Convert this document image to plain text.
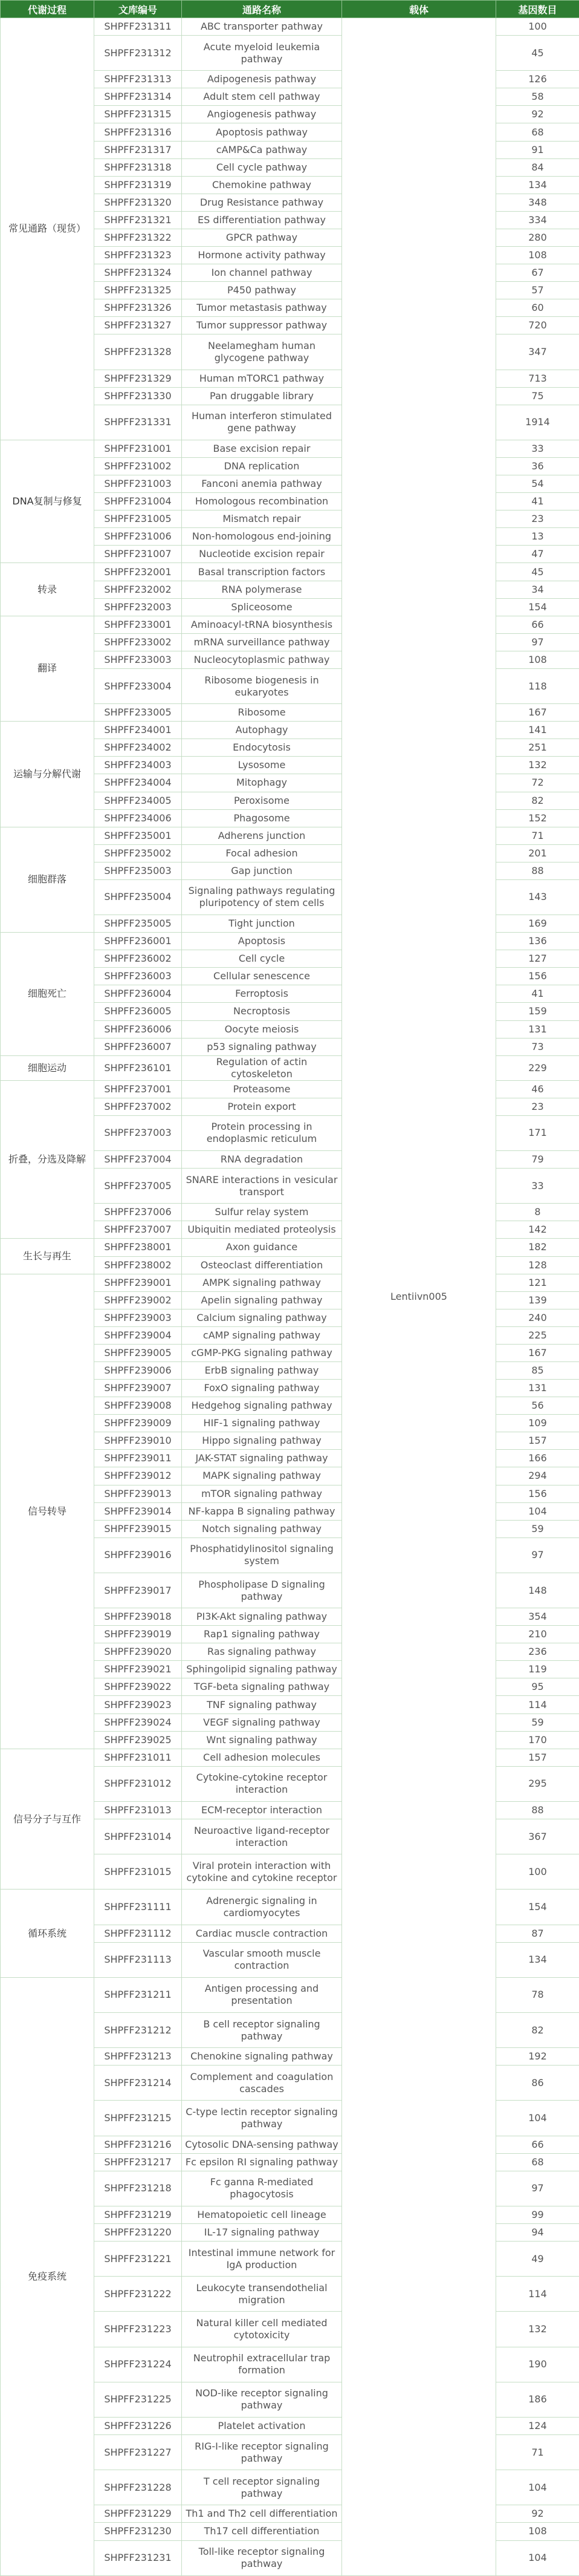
代谢过程	文库编号	通路名称	载体	基因数目
常见通路（现货）	SHPFF231311	ABC transporter pathway	Lentiivn005	100
	SHPFF231312	Acute myeloid leukemia pathway		45
	SHPFF231313	Adipogenesis pathway		126
	SHPFF231314	Adult stem cell pathway		58
	SHPFF231315	Angiogenesis pathway		92
	SHPFF231316	Apoptosis pathway		68
	SHPFF231317	cAMP&Ca pathway		91
	SHPFF231318	Cell cycle pathway		84
	SHPFF231319	Chemokine pathway		134
	SHPFF231320	Drug Resistance pathway		348
	SHPFF231321	ES differentiation pathway		334
	SHPFF231322	GPCR pathway		280
	SHPFF231323	Hormone activity pathway		108
	SHPFF231324	Ion channel pathway		67
	SHPFF231325	P450 pathway		57
	SHPFF231326	Tumor metastasis pathway		60
	SHPFF231327	Tumor suppressor pathway		720
	SHPFF231328	Neelamegham human glycogene pathway		347
	SHPFF231329	Human mTORC1 pathway		713
	SHPFF231330	Pan druggable library		75
	SHPFF231331	Human interferon stimulated gene pathway		1914
DNA复制与修复	SHPFF231001	Base excision repair		33
	SHPFF231002	DNA replication		36
	SHPFF231003	Fanconi anemia pathway		54
	SHPFF231004	Homologous recombination		41
	SHPFF231005	Mismatch repair		23
	SHPFF231006	Non-homologous end-joining		13
	SHPFF231007	Nucleotide excision repair		47
转录	SHPFF232001	Basal transcription factors		45
	SHPFF232002	RNA polymerase		34
	SHPFF232003	Spliceosome		154
翻译	SHPFF233001	Aminoacyl-tRNA biosynthesis		66
	SHPFF233002	mRNA surveillance pathway		97
	SHPFF233003	Nucleocytoplasmic pathway		108
	SHPFF233004	Ribosome biogenesis in eukaryotes		118
	SHPFF233005	Ribosome		167
运输与分解代谢	SHPFF234001	Autophagy		141
	SHPFF234002	Endocytosis		251
	SHPFF234003	Lysosome		132
	SHPFF234004	Mitophagy		72
	SHPFF234005	Peroxisome		82
	SHPFF234006	Phagosome		152
细胞群落	SHPFF235001	Adherens junction		71
	SHPFF235002	Focal adhesion		201
	SHPFF235003	Gap junction		88
	SHPFF235004	Signaling pathways regulating pluripotency of stem cells		143
	SHPFF235005	Tight junction		169
细胞死亡	SHPFF236001	Apoptosis		136
	SHPFF236002	Cell cycle		127
	SHPFF236003	Cellular senescence		156
	SHPFF236004	Ferroptosis		41
	SHPFF236005	Necroptosis		159
	SHPFF236006	Oocyte meiosis		131
	SHPFF236007	p53 signaling pathway		73
细胞运动	SHPFF236101	Regulation of actin cytoskeleton		229
折叠，分选及降解	SHPFF237001	Proteasome		46
	SHPFF237002	Protein export		23
	SHPFF237003	Protein processing in endoplasmic reticulum		171
	SHPFF237004	RNA degradation		79
	SHPFF237005	SNARE interactions in vesicular transport		33
	SHPFF237006	Sulfur relay system		8
	SHPFF237007	Ubiquitin mediated proteolysis		142
生长与再生	SHPFF238001	Axon guidance		182
	SHPFF238002	Osteoclast differentiation		128
信号转导	SHPFF239001	AMPK signaling pathway		121
	SHPFF239002	Apelin signaling pathway		139
	SHPFF239003	Calcium signaling pathway		240
	SHPFF239004	cAMP signaling pathway		225
	SHPFF239005	cGMP-PKG signaling pathway		167
	SHPFF239006	ErbB signaling pathway		85
	SHPFF239007	FoxO signaling pathway		131
	SHPFF239008	Hedgehog signaling pathway		56
	SHPFF239009	HIF-1 signaling pathway		109
	SHPFF239010	Hippo signaling pathway		157
	SHPFF239011	JAK-STAT signaling pathway		166
	SHPFF239012	MAPK signaling pathway		294
	SHPFF239013	mTOR signaling pathway		156
	SHPFF239014	NF-kappa B signaling pathway		104
	SHPFF239015	Notch signaling pathway		59
	SHPFF239016	Phosphatidylinositol signaling system		97
	SHPFF239017	Phospholipase D signaling pathway		148
	SHPFF239018	PI3K-Akt signaling pathway		354
	SHPFF239019	Rap1 signaling pathway		210
	SHPFF239020	Ras signaling pathway		236
	SHPFF239021	Sphingolipid signaling pathway		119
	SHPFF239022	TGF-beta signaling pathway		95
	SHPFF239023	TNF signaling pathway		114
	SHPFF239024	VEGF signaling pathway		59
	SHPFF239025	Wnt signaling pathway		170
信号分子与互作	SHPFF231011	Cell adhesion molecules		157
	SHPFF231012	Cytokine-cytokine receptor interaction		295
	SHPFF231013	ECM-receptor interaction		88
	SHPFF231014	Neuroactive ligand-receptor interaction		367
	SHPFF231015	Viral protein interaction with cytokine and cytokine receptor		100
循环系统	SHPFF231111	Adrenergic signaling in cardiomyocytes		154
	SHPFF231112	Cardiac muscle contraction		87
	SHPFF231113	Vascular smooth muscle contraction		134
免疫系统	SHPFF231211	Antigen processing and presentation		78
	SHPFF231212	B cell receptor signaling pathway		82
	SHPFF231213	Chenokine signaling pathway		192
	SHPFF231214	Complement and coagulation cascades		86
	SHPFF231215	C-type lectin receptor signaling pathway		104
	SHPFF231216	Cytosolic DNA-sensing pathway		66
	SHPFF231217	Fc epsilon RI signaling pathway		68
	SHPFF231218	Fc ganna R-mediated phagocytosis		97
	SHPFF231219	Hematopoietic cell lineage		99
	SHPFF231220	IL-17 signaling pathway		94
	SHPFF231221	Intestinal immune network for IgA production		49
	SHPFF231222	Leukocyte transendothelial migration		114
	SHPFF231223	Natural killer cell mediated cytotoxicity		132
	SHPFF231224	Neutrophil extracellular trap formation		190
	SHPFF231225	NOD-like receptor signaling pathway		186
	SHPFF231226	Platelet activation		124
	SHPFF231227	RIG-I-like receptor signaling pathway		71
	SHPFF231228	T cell receptor signaling pathway		104
	SHPFF231229	Th1 and Th2 cell differentiation		92
	SHPFF231230	Th17 cell differentiation		108
	SHPFF231231	Toll-like receptor signaling pathway		104
